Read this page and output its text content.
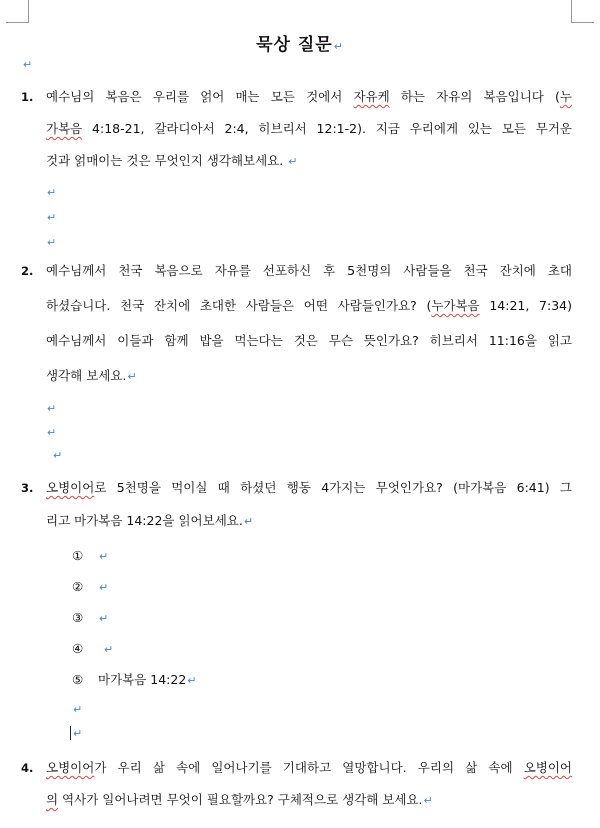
묵상 질문↵
↵
1. 예수님의 복음은 우리를 얽어 매는 모든 것에서 자유케 하는 자유의 복음입니다 (누
가복음 4:18-21, 갈라디아서 2:4, 히브리서 12:1-2). 지금 우리에게 있는 모든 무거운
것과 얽매이는 것은 무엇인지 생각해보세요. ↵
↵
↵
↵
2. 예수님께서 천국 복음으로 자유를 선포하신 후 5천명의 사람들을 천국 잔치에 초대
하셨습니다. 천국 잔치에 초대한 사람들은 어떤 사람들인가요? (누가복음 14:21, 7:34)
예수님께서 이들과 함께 밥을 먹는다는 것은 무슨 뜻인가요? 히브리서 11:16을 읽고
생각해 보세요.↵
↵
↵
↵
3. 오병이어로 5천명을 먹이실 때 하셨던 행동 4가지는 무엇인가요? (마가복음 6:41) 그
리고 마가복음 14:22을 읽어보세요.↵
① ↵
② ↵
③ ↵
④ ↵
⑤ 마가복음 14:22↵
↵
↵
4. 오병이어가 우리 삶 속에 일어나기를 기대하고 열망합니다. 우리의 삶 속에 오병이어
의 역사가 일어나려면 무엇이 필요할까요? 구체적으로 생각해 보세요.↵
